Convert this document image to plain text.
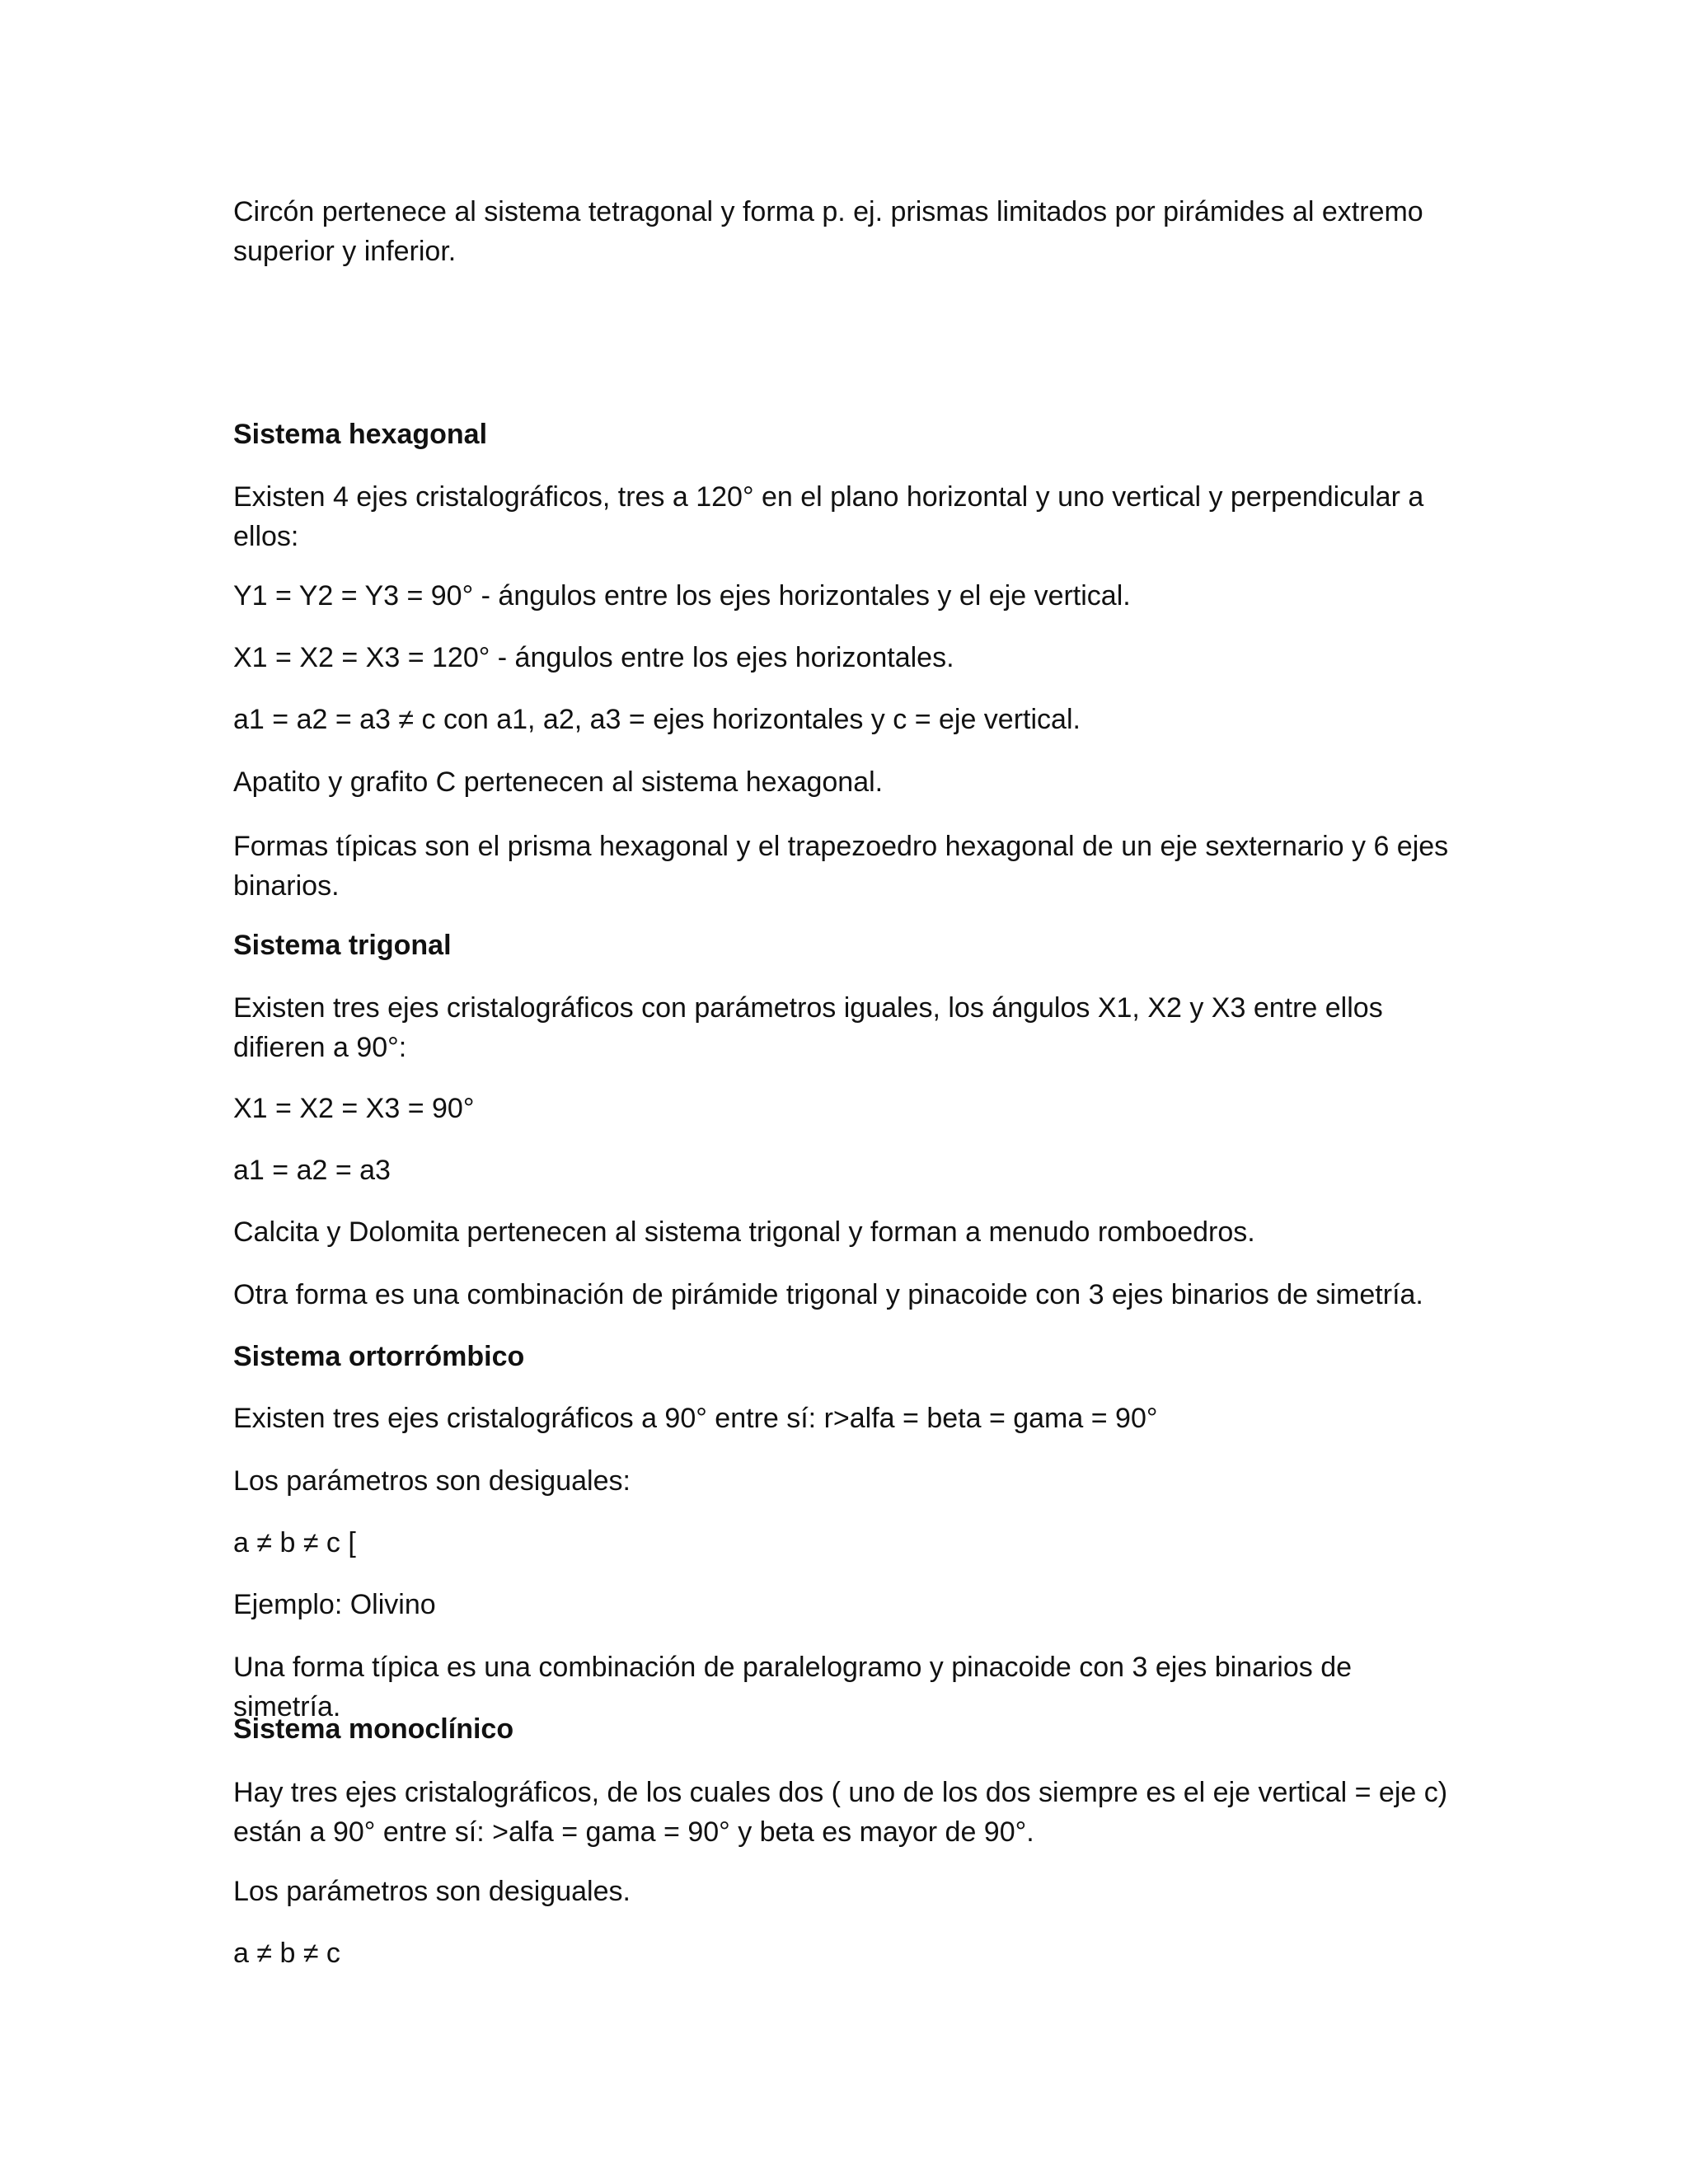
Circón pertenece al sistema tetragonal y forma p. ej. prismas limitados por pirámides al extremo superior y inferior.

Sistema hexagonal

Existen 4 ejes cristalográficos, tres a 120° en el plano horizontal y uno vertical y perpendicular a ellos:

Y1 = Y2 = Y3 = 90° - ángulos entre los ejes horizontales y el eje vertical.

X1 = X2 = X3 = 120° - ángulos entre los ejes horizontales.

a1 = a2 = a3 ≠ c con a1, a2, a3 = ejes horizontales y c = eje vertical.

Apatito y grafito C pertenecen al sistema hexagonal.

Formas típicas son el prisma hexagonal y el trapezoedro hexagonal de un eje sexternario y 6 ejes binarios.

Sistema trigonal

Existen tres ejes cristalográficos con parámetros iguales, los ángulos X1, X2 y X3 entre ellos difieren a 90°:

X1 = X2 = X3 = 90°

a1 = a2 = a3

Calcita y Dolomita pertenecen al sistema trigonal y forman a menudo romboedros.

Otra forma es una combinación de pirámide trigonal y pinacoide con 3 ejes binarios de simetría.

Sistema ortorrómbico

Existen tres ejes cristalográficos a 90° entre sí: r>alfa = beta = gama = 90°

Los parámetros son desiguales:

a ≠ b ≠ c [

Ejemplo: Olivino

Una forma típica es una combinación de paralelogramo y pinacoide con 3 ejes binarios de simetría.

Sistema monoclínico

Hay tres ejes cristalográficos, de los cuales dos ( uno de los dos siempre es el eje vertical = eje c) están a 90° entre sí: >alfa = gama = 90° y beta es mayor de 90°.

Los parámetros son desiguales.

a ≠ b ≠ c
